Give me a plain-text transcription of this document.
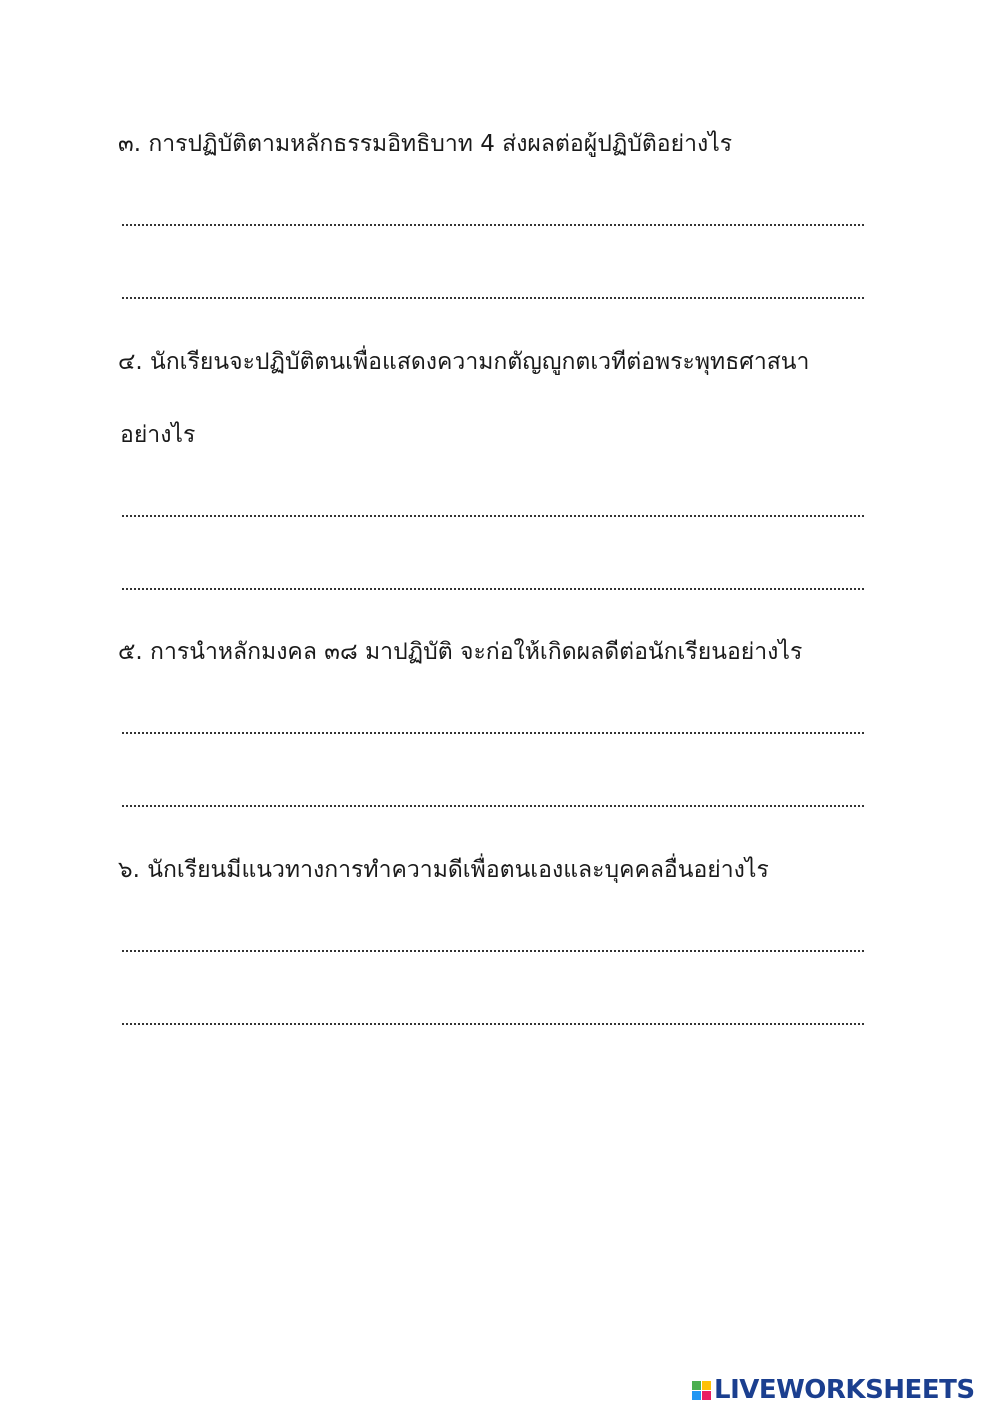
๓. การปฏิบัติตามหลักธรรมอิทธิบาท 4 ส่งผลต่อผู้ปฏิบัติอย่างไร
๔. นักเรียนจะปฏิบัติตนเพื่อแสดงความกตัญญูกตเวทีต่อพระพุทธศาสนา
อย่างไร
๕. การนำหลักมงคล ๓๘ มาปฏิบัติ จะก่อให้เกิดผลดีต่อนักเรียนอย่างไร
๖. นักเรียนมีแนวทางการทำความดีเพื่อตนเองและบุคคลอื่นอย่างไร
LIVEWORKSHEETS
